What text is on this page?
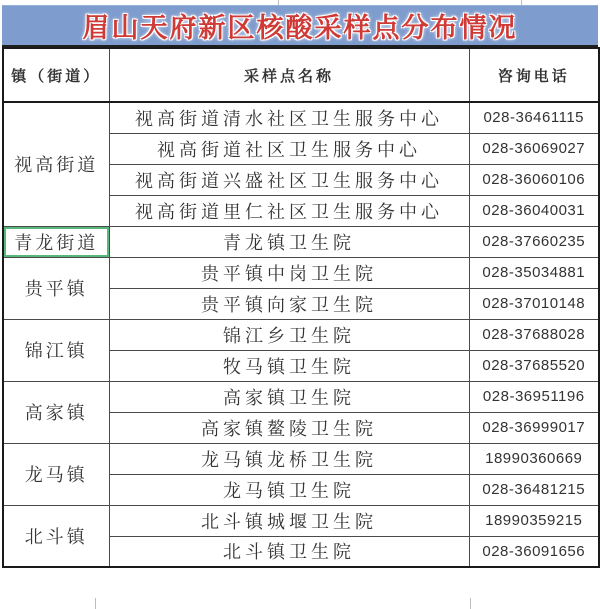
眉山天府新区核酸采样点分布情况
镇（街道）	采样点名称	咨询电话
视高街道	视高街道清水社区卫生服务中心	028-36461115
	视高街道社区卫生服务中心	028-36069027
	视高街道兴盛社区卫生服务中心	028-36060106
	视高街道里仁社区卫生服务中心	028-36040031
青龙街道	青龙镇卫生院	028-37660235
贵平镇	贵平镇中岗卫生院	028-35034881
	贵平镇向家卫生院	028-37010148
锦江镇	锦江乡卫生院	028-37688028
	牧马镇卫生院	028-37685520
高家镇	高家镇卫生院	028-36951196
	高家镇鳌陵卫生院	028-36999017
龙马镇	龙马镇龙桥卫生院	18990360669
	龙马镇卫生院	028-36481215
北斗镇	北斗镇城堰卫生院	18990359215
	北斗镇卫生院	028-36091656
